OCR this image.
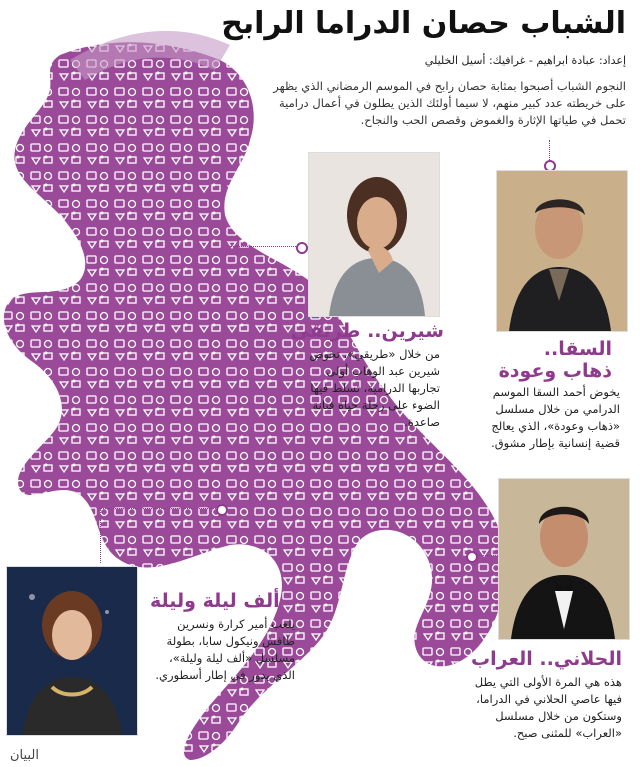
الشباب حصان الدراما الرابح
إعداد: عبادة ابراهيم - غرافيك: أسيل الخليلي
النجوم الشباب أصبحوا بمثابة حصان رابح في الموسم الرمضاني الذي يظهر على خريطته عدد كبير منهم، لا سيما أولئك الذين يطلون في أعمال درامية تحمل في طياتها الإثارة والغموض وقصص الحب والنجاح.
شيرين.. طريقي
من خلال «طريقي»، تخوض شيرين عبد الوهاب أولى تجاربها الدرامية، تسلط فيها الضوء على رحلة حياة فنانة صاعدة.
السقا..
ذهاب وعودة
يخوض أحمد السقا الموسم الدرامي من خلال مسلسل «ذهاب وعودة»، الذي يعالج قضية إنسانية بإطار مشوق.
ألف ليلة وليلة
يلعب أمير كرارة ونسرين طافش ونيكول سابا، بطولة مسلسل «ألف ليلة وليلة»، الذي يدور في إطار أسطوري.
الحلاني.. العراب
هذه هي المرة الأولى التي يطل فيها عاصي الحلاني في الدراما، وستكون من خلال مسلسل «العراب» للمثنى صبح.
البيان
